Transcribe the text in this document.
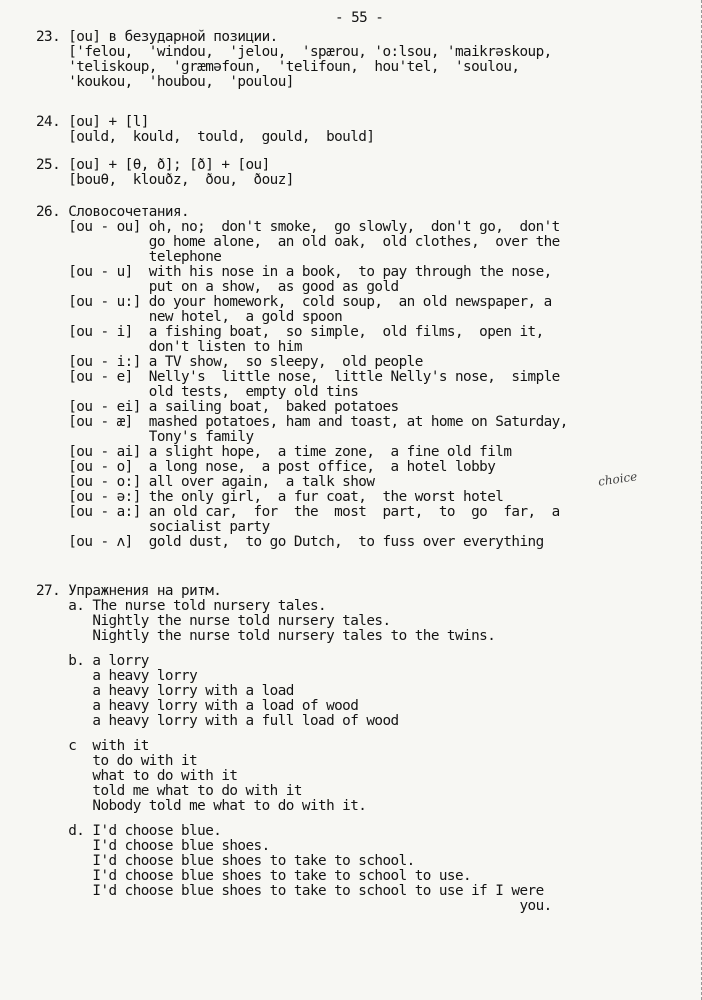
- 55 -
23. [ou] в безударной позиции.
['felou,  'windou,  'jelou,  'spærou, 'o:lsou, 'maikrəskoup,
'teliskoup,  'græməfoun,  'telifoun,  hou'tel,  'soulou,
'koukou,  'houbou,  'poulou]
24. [ou] + [l]
[ould,  kould,  tould,  gould,  bould]
25. [ou] + [θ, ð]; [ð] + [ou]
[bouθ,  klouðz,  ðou,  ðouz]
26. Словосочетания.
[ou - ou] oh, no;  don't smoke,  go slowly,  don't go,  don't
go home alone,  an old oak,  old clothes,  over the
telephone
[ou - u]  with his nose in a book,  to pay through the nose,
put on a show,  as good as gold
[ou - u:] do your homework,  cold soup,  an old newspaper, a
new hotel,  a gold spoon
[ou - i]  a fishing boat,  so simple,  old films,  open it,
don't listen to him
[ou - i:] a TV show,  so sleepy,  old people
[ou - e]  Nelly's  little nose,  little Nelly's nose,  simple
old tests,  empty old tins
[ou - ei] a sailing boat,  baked potatoes
[ou - æ]  mashed potatoes, ham and toast, at home on Saturday,
Tony's family
[ou - ai] a slight hope,  a time zone,  a fine old film
[ou - o]  a long nose,  a post office,  a hotel lobby
[ou - o:] all over again,  a talk show
[ou - ə:] the only girl,  a fur coat,  the worst hotel
[ou - a:] an old car,  for  the  most  part,  to  go  far,  a
socialist party
[ou - ʌ]  gold dust,  to go Dutch,  to fuss over everything
27. Упражнения на ритм.
a. The nurse told nursery tales.
Nightly the nurse told nursery tales.
Nightly the nurse told nursery tales to the twins.
b. a lorry
a heavy lorry
a heavy lorry with a load
a heavy lorry with a load of wood
a heavy lorry with a full load of wood
c  with it
to do with it
what to do with it
told me what to do with it
Nobody told me what to do with it.
d. I'd choose blue.
I'd choose blue shoes.
I'd choose blue shoes to take to school.
I'd choose blue shoes to take to school to use.
I'd choose blue shoes to take to school to use if I were
you.
choice
